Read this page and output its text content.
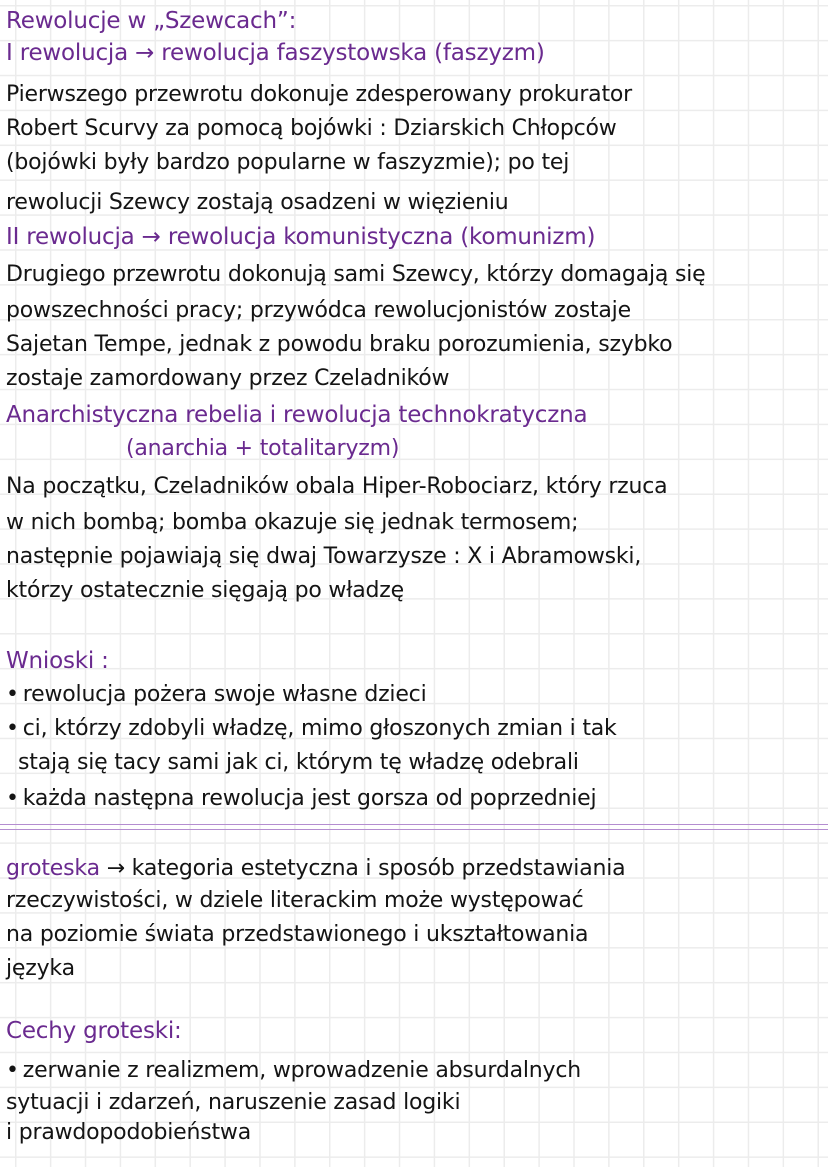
Rewolucje w „Szewcach”:
I rewolucja → rewolucja faszystowska (faszyzm)
Pierwszego przewrotu dokonuje zdesperowany prokurator
Robert Scurvy za pomocą bojówki : Dziarskich Chłopców
(bojówki były bardzo popularne w faszyzmie); po tej
rewolucji Szewcy zostają osadzeni w więzieniu
II rewolucja → rewolucja komunistyczna (komunizm)
Drugiego przewrotu dokonują sami Szewcy, którzy domagają się
powszechności pracy; przywódca rewolucjonistów zostaje
Sajetan Tempe, jednak z powodu braku porozumienia, szybko
zostaje zamordowany przez Czeladników
Anarchistyczna rebelia i rewolucja technokratyczna
(anarchia + totalitaryzm)
Na początku, Czeladników obala Hiper-Robociarz, który rzuca
w nich bombą; bomba okazuje się jednak termosem;
następnie pojawiają się dwaj Towarzysze : X i Abramowski,
którzy ostatecznie sięgają po władzę
Wnioski :
• rewolucja pożera swoje własne dzieci
• ci, którzy zdobyli władzę, mimo głoszonych zmian i tak
stają się tacy sami jak ci, którym tę władzę odebrali
• każda następna rewolucja jest gorsza od poprzedniej
groteska → kategoria estetyczna i sposób przedstawiania
rzeczywistości, w dziele literackim może występować
na poziomie świata przedstawionego i ukształtowania
języka
Cechy groteski:
• zerwanie z realizmem, wprowadzenie absurdalnych
sytuacji i zdarzeń, naruszenie zasad logiki
i prawdopodobieństwa
